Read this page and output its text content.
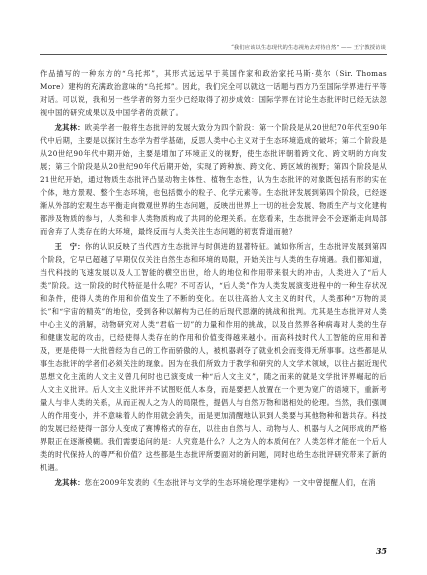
“我们应该以生态现代的生态视角去对待自然” —— 王宁教授访谈

作品描写的一种东方的“乌托邦”，其形式远远早于英国作家和政治家托马斯·莫尔（Sir. Thomas More）建构的充满政治意味的“乌托邦”。因此，我们完全可以就这一话题与西方乃至国际学界进行平等对话。可以说，我和另一些学者的努力至少已经取得了初步成效：国际学界在讨论生态批评时已经无法忽视中国的研究成果以及中国学者的贡献了。

龙其林：欧美学者一般将生态批评的发展大致分为四个阶段：第一个阶段是从20世纪70年代至90年代中后期，主要是以探讨生态学为哲学基础，反思人类中心主义对于生态环境造成的破坏；第二个阶段是从20世纪90年代中期开始，主要是增加了环境正义的视野，使生态批评朝着跨文化、跨文明的方向发展；第三个阶段是从20世纪90年代后期开始，实现了跨种族、跨文化、跨区域的视野；第四个阶段是从21世纪开始，通过物质生态批评凸显动物主体性、植物生态性，认为生态批评的对象既包括有形的实在个体，地方景观、整个生态环境，也包括微小的粒子、化学元素等。生态批评发展到第四个阶段，已经逐渐从外部的宏观生态平衡走向微观世界的生态问题，反映出世界上一切的社会发展、物质生产与文化建构都涉及物质的参与，人类和非人类物质构成了共同的伦理关系。在您看来，生态批评会不会逐渐走向局部而舍弃了人类存在的大环境，最终反而与人类关注生态问题的初衷背道而驰？

王　宁：你的认识反映了当代西方生态批评与时俱进的显著特征。诚如你所言，生态批评发展到第四个阶段，它早已超越了早期仅仅关注自然生态和环境的局限，开始关注与人类的生存境遇。我们都知道，当代科技的飞速发展以及人工智能的横空出世，给人的地位和作用带来很大的冲击，人类进入了“后人类”阶段。这一阶段的时代特征是什么呢？不可否认，“后人类”作为人类发展演变进程中的一种生存状况和条件，使得人类的作用和价值发生了不断的变化。在以往高抬人文主义的时代，人类那种“万物的灵长”和“宇宙的精英”的地位，受到各种以解构为己任的后现代思潮的挑战和批判。尤其是生态批评对人类中心主义的消解，动物研究对人类“君临一切”的力量和作用的挑战，以及自然界各种病毒对人类的生存和健康发起的攻击，已经使得人类存在的作用和价值变得越来越小。而高科技时代人工智能的应用和普及，更是使得一大批曾经为自己的工作而骄傲的人，被机器剥夺了就业机会而变得无所事事。这些都是从事生态批评的学者们必须关注的现象。因为在我们所致力于教学和研究的人文学术领域，以往占据近现代思想文化主流的人文主义曾几何时也已演变成一种“后人文主义”，随之而来的就是文学批评界崛起的后人文主义批评。后人文主义批评并不试图贬低人本身，而是要把人放置在一个更为宽广的语境下，重新考量人与非人类的关系，从而正视人之为人的局限性，提倡人与自然万物和谐相处的伦理。当然，我们强调人的作用变小，并不意味着人的作用就会消失，而是更加清醒地认识到人类要与其他物种和谐共存。科技的发展已经使得一部分人变成了赛博格式的存在，以往由自然与人、动物与人、机器与人之间形成的严格界限正在逐渐模糊。我们需要追问的是：人究竟是什么？人之为人的本质何在？人类怎样才能在一个后人类的时代保持人的尊严和价值？这些都是生态批评所要面对的新问题，同时也给生态批评研究带来了新的机遇。

龙其林：您在2009年发表的《生态批评与文学的生态环境伦理学建构》一文中曾提醒人们，在消

35
